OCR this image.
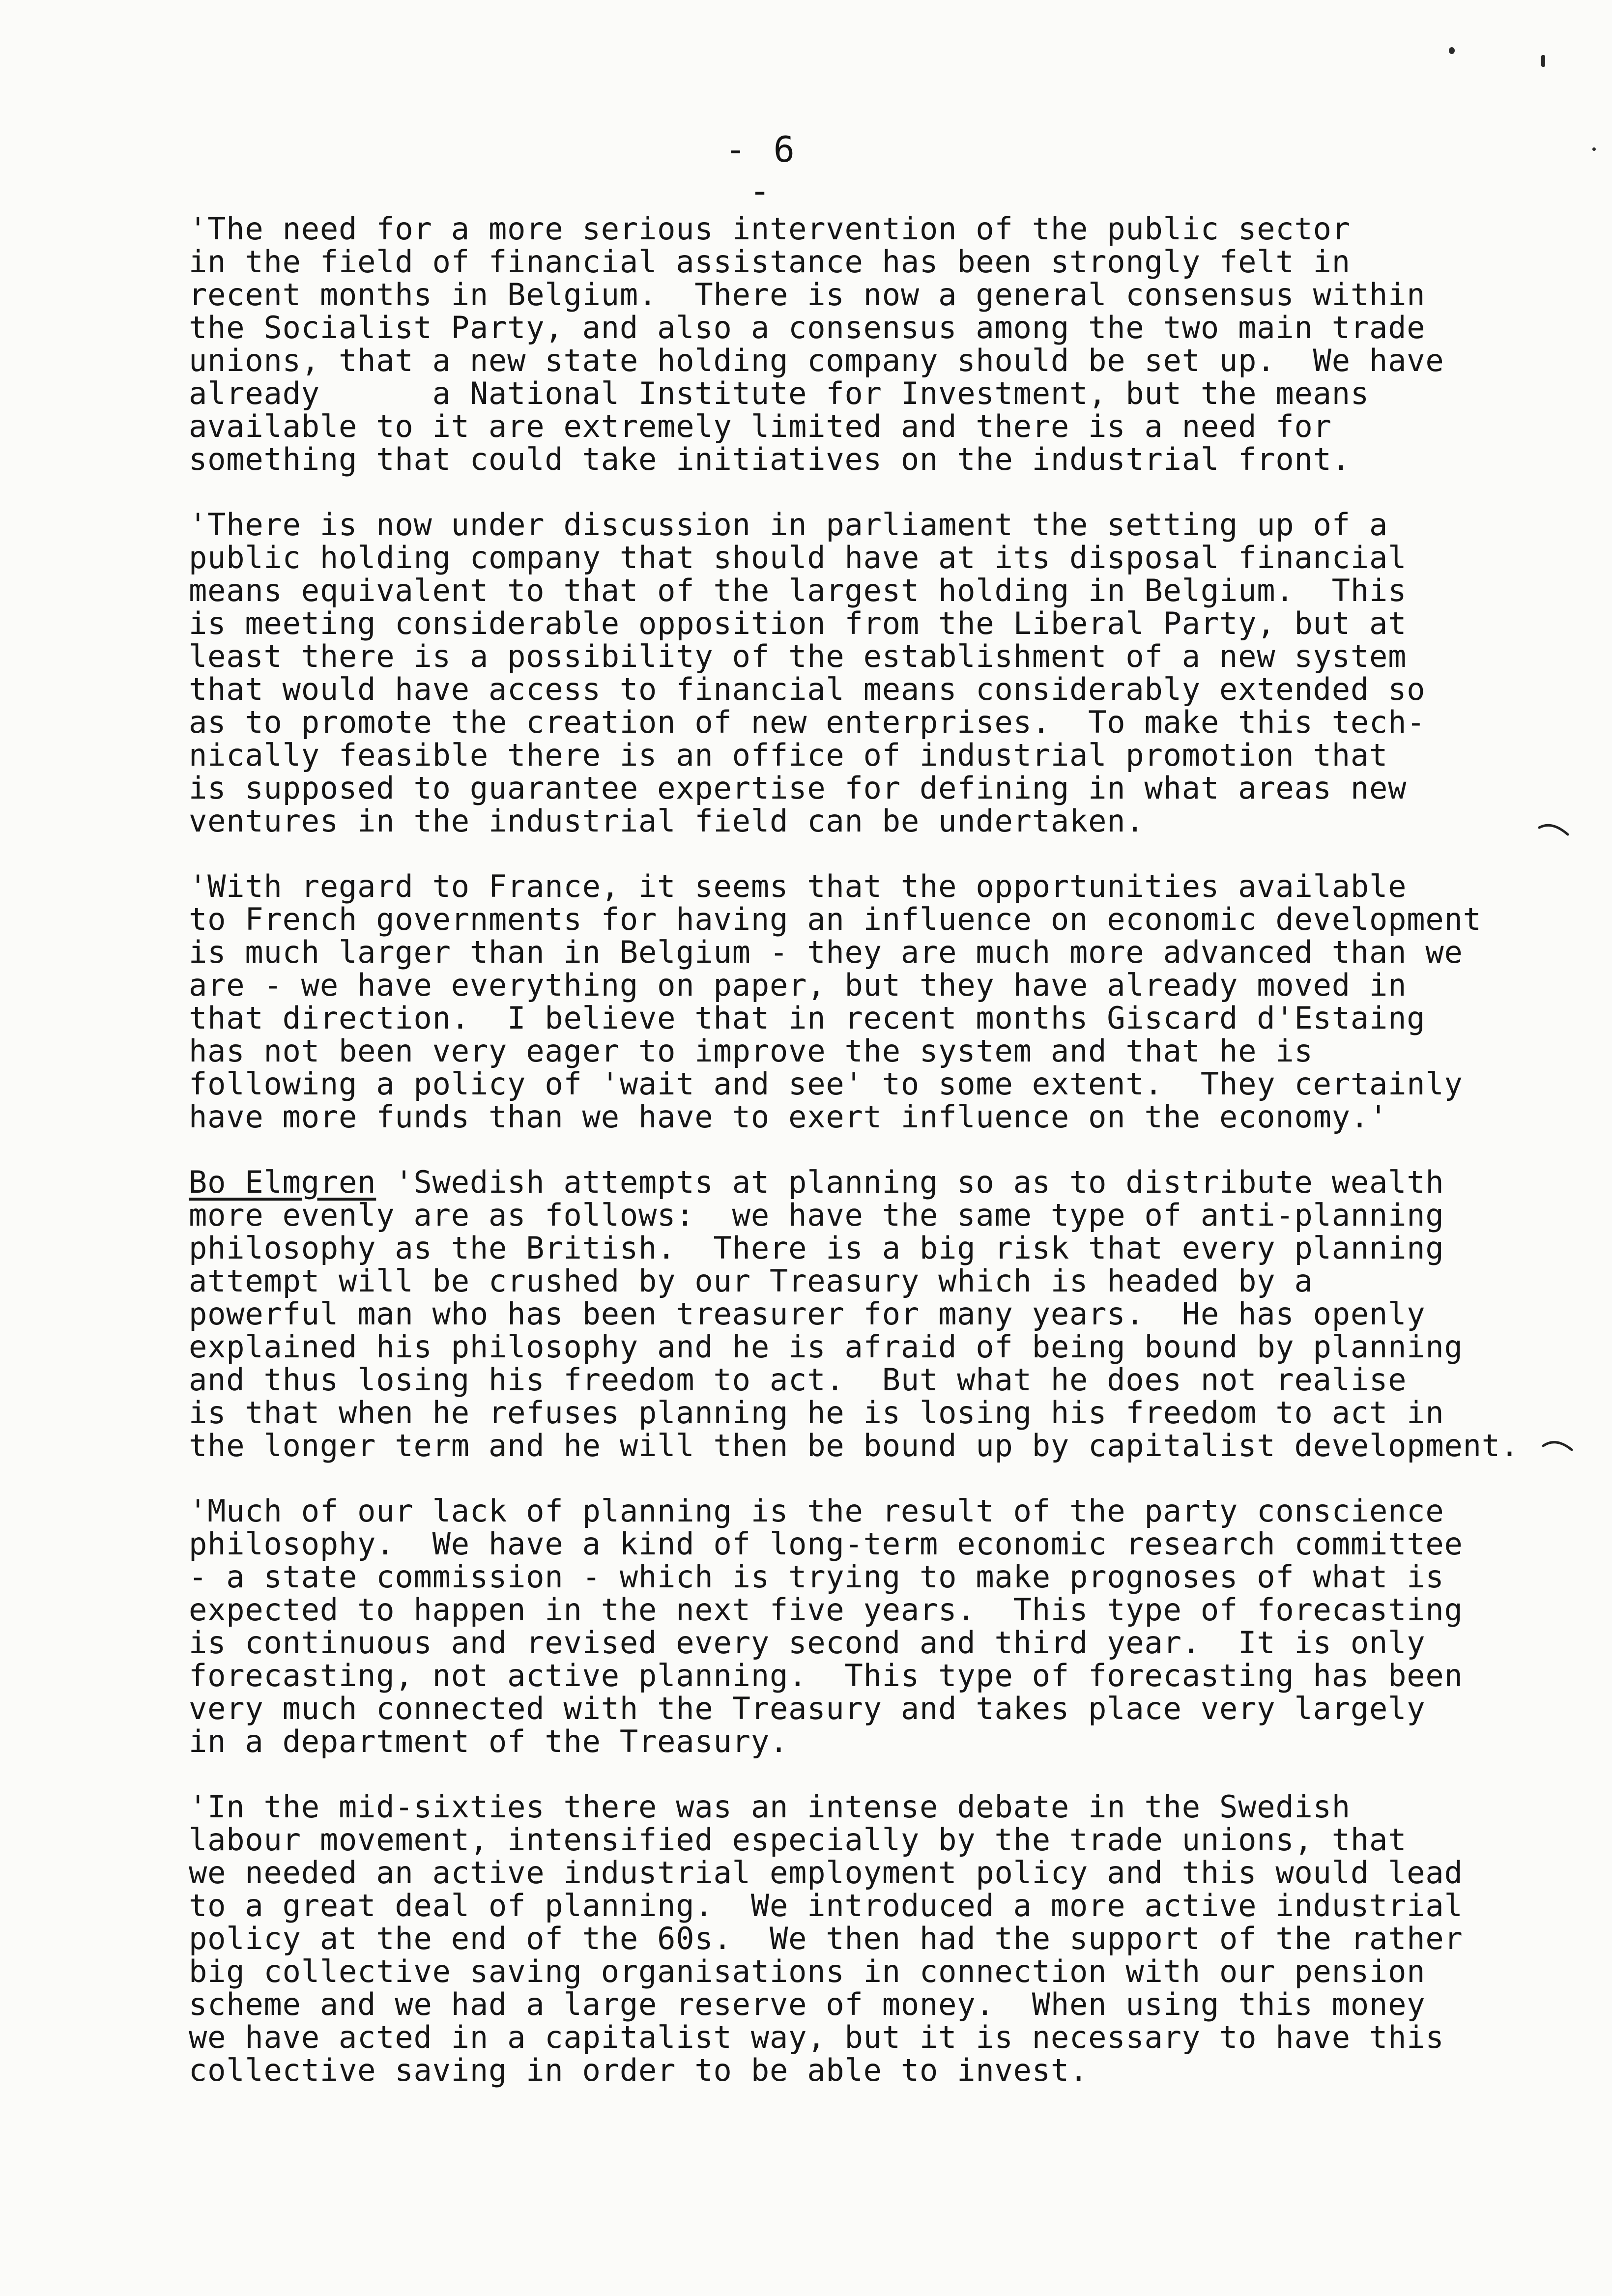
- 6 -
'The need for a more serious intervention of the public sector
in the field of financial assistance has been strongly felt in
recent months in Belgium.  There is now a general consensus within
the Socialist Party, and also a consensus among the two main trade
unions, that a new state holding company should be set up.  We have
already      a National Institute for Investment, but the means
available to it are extremely limited and there is a need for
something that could take initiatives on the industrial front.
'There is now under discussion in parliament the setting up of a
public holding company that should have at its disposal financial
means equivalent to that of the largest holding in Belgium.  This
is meeting considerable opposition from the Liberal Party, but at
least there is a possibility of the establishment of a new system
that would have access to financial means considerably extended so
as to promote the creation of new enterprises.  To make this tech-
nically feasible there is an office of industrial promotion that
is supposed to guarantee expertise for defining in what areas new
ventures in the industrial field can be undertaken.
'With regard to France, it seems that the opportunities available
to French governments for having an influence on economic development
is much larger than in Belgium - they are much more advanced than we
are - we have everything on paper, but they have already moved in
that direction.  I believe that in recent months Giscard d'Estaing
has not been very eager to improve the system and that he is
following a policy of 'wait and see' to some extent.  They certainly
have more funds than we have to exert influence on the economy.'
Bo Elmgren 'Swedish attempts at planning so as to distribute wealth
more evenly are as follows:  we have the same type of anti-planning
philosophy as the British.  There is a big risk that every planning
attempt will be crushed by our Treasury which is headed by a
powerful man who has been treasurer for many years.  He has openly
explained his philosophy and he is afraid of being bound by planning
and thus losing his freedom to act.  But what he does not realise
is that when he refuses planning he is losing his freedom to act in
the longer term and he will then be bound up by capitalist development.
'Much of our lack of planning is the result of the party conscience
philosophy.  We have a kind of long-term economic research committee
- a state commission - which is trying to make prognoses of what is
expected to happen in the next five years.  This type of forecasting
is continuous and revised every second and third year.  It is only
forecasting, not active planning.  This type of forecasting has been
very much connected with the Treasury and takes place very largely
in a department of the Treasury.
'In the mid-sixties there was an intense debate in the Swedish
labour movement, intensified especially by the trade unions, that
we needed an active industrial employment policy and this would lead
to a great deal of planning.  We introduced a more active industrial
policy at the end of the 60s.  We then had the support of the rather
big collective saving organisations in connection with our pension
scheme and we had a large reserve of money.  When using this money
we have acted in a capitalist way, but it is necessary to have this
collective saving in order to be able to invest.
